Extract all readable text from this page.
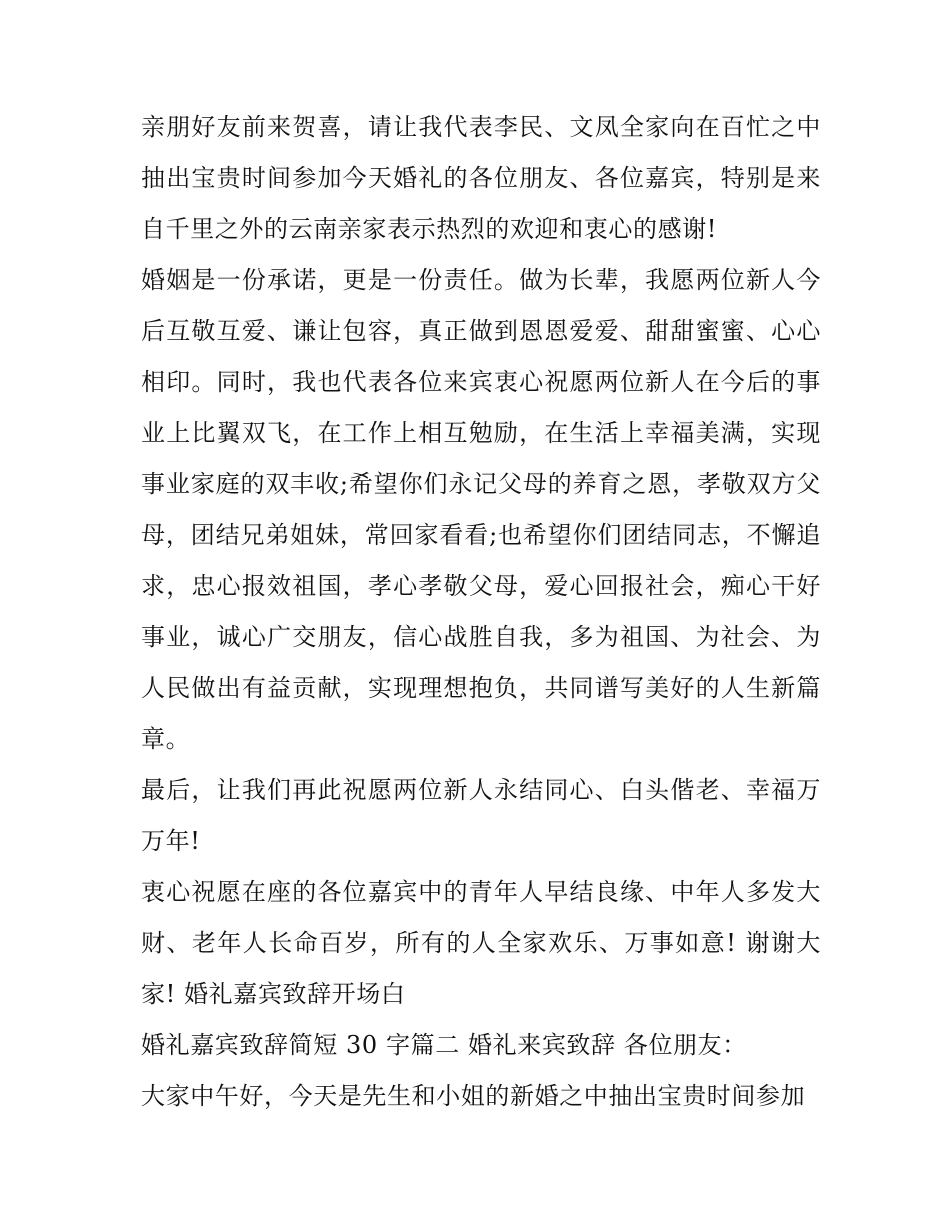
亲朋好友前来贺喜，请让我代表李民、文凤全家向在百忙之中抽出宝贵时间参加今天婚礼的各位朋友、各位嘉宾，特别是来自千里之外的云南亲家表示热烈的欢迎和衷心的感谢!

婚姻是一份承诺，更是一份责任。做为长辈，我愿两位新人今后互敬互爱、谦让包容，真正做到恩恩爱爱、甜甜蜜蜜、心心相印。同时，我也代表各位来宾衷心祝愿两位新人在今后的事业上比翼双飞，在工作上相互勉励，在生活上幸福美满，实现事业家庭的双丰收;希望你们永记父母的养育之恩，孝敬双方父母，团结兄弟姐妹，常回家看看;也希望你们团结同志，不懈追求，忠心报效祖国，孝心孝敬父母，爱心回报社会，痴心干好事业，诚心广交朋友，信心战胜自我，多为祖国、为社会、为人民做出有益贡献，实现理想抱负，共同谱写美好的人生新篇章。

最后，让我们再此祝愿两位新人永结同心、白头偕老、幸福万万年!

衷心祝愿在座的各位嘉宾中的青年人早结良缘、中年人多发大财、老年人长命百岁，所有的人全家欢乐、万事如意! 谢谢大家! 婚礼嘉宾致辞开场白

婚礼嘉宾致辞简短 30 字篇二 婚礼来宾致辞 各位朋友：

大家中午好，今天是先生和小姐的新婚之中抽出宝贵时间参加
